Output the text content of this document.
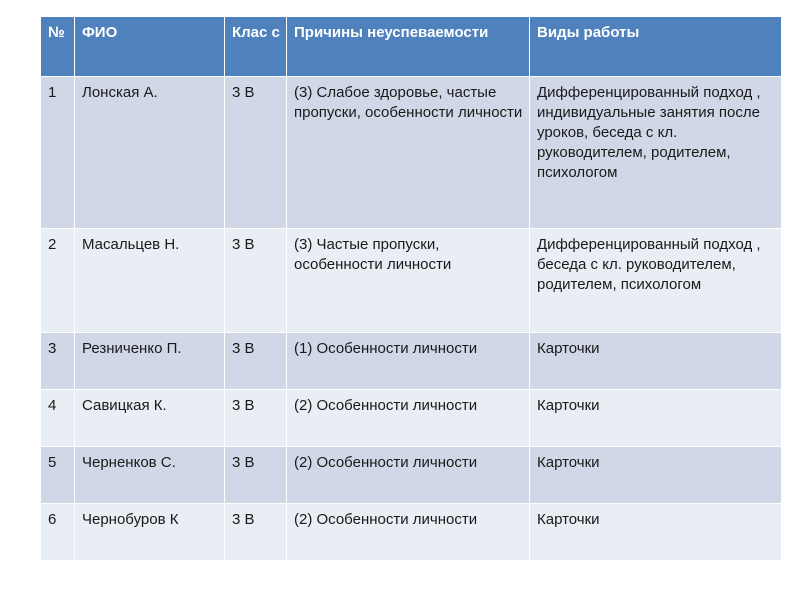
№	ФИО	Клас с	Причины неуспеваемости	Виды работы
1	Лонская А.	3 В	(3) Слабое здоровье, частые пропуски, особенности личности	Дифференцированный подход , индивидуальные занятия после уроков, беседа с кл. руководителем, родителем, психологом
2	Масальцев Н.	3 В	(3) Частые пропуски, особенности личности	Дифференцированный подход , беседа с кл. руководителем, родителем, психологом
3	Резниченко П.	3 В	(1) Особенности личности	Карточки
4	Савицкая К.	3 В	(2) Особенности личности	Карточки
5	Черненков С.	3 В	(2) Особенности личности	Карточки
6	Чернобуров К	3 В	(2) Особенности личности	Карточки
